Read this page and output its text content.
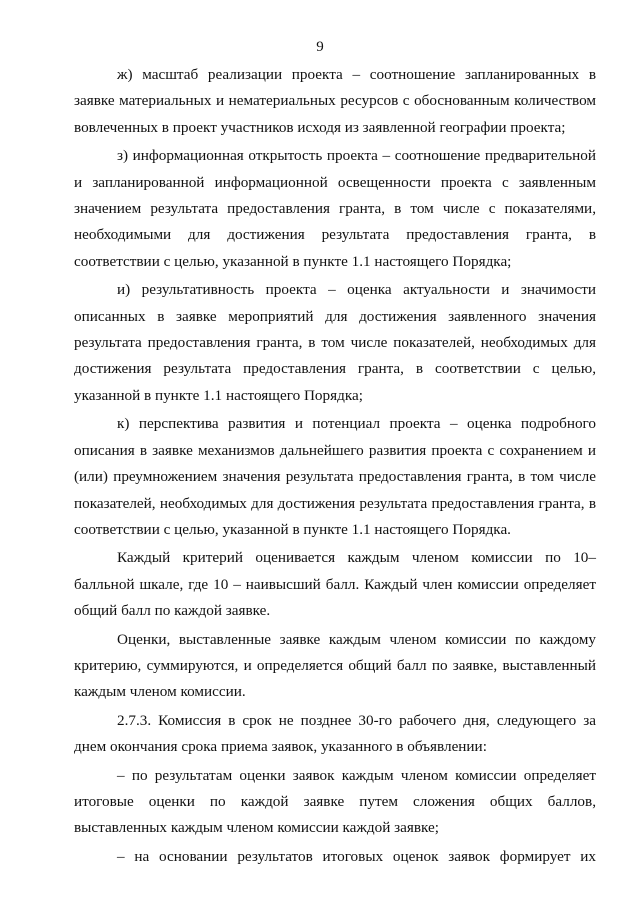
9

ж) масштаб реализации проекта – соотношение запланированных в заявке материальных и нематериальных ресурсов с обоснованным количеством вовлеченных в проект участников исходя из заявленной географии проекта;

з) информационная открытость проекта – соотношение предварительной и запланированной информационной освещенности проекта с заявленным значением результата предоставления гранта, в том числе с показателями, необходимыми для достижения результата предоставления гранта, в соответствии с целью, указанной в пункте 1.1 настоящего Порядка;

и) результативность проекта – оценка актуальности и значимости описанных в заявке мероприятий для достижения заявленного значения результата предоставления гранта, в том числе показателей, необходимых для достижения результата предоставления гранта, в соответствии с целью, указанной в пункте 1.1 настоящего Порядка;

к) перспектива развития и потенциал проекта – оценка подробного описания в заявке механизмов дальнейшего развития проекта с сохранением и (или) преумножением значения результата предоставления гранта, в том числе показателей, необходимых для достижения результата предоставления гранта, в соответствии с целью, указанной в пункте 1.1 настоящего Порядка.

Каждый критерий оценивается каждым членом комиссии по 10–балльной шкале, где 10 – наивысший балл. Каждый член комиссии определяет общий балл по каждой заявке.

Оценки, выставленные заявке каждым членом комиссии по каждому критерию, суммируются, и определяется общий балл по заявке, выставленный каждым членом комиссии.

2.7.3. Комиссия в срок не позднее 30-го рабочего дня, следующего за днем окончания срока приема заявок, указанного в объявлении:

– по результатам оценки заявок каждым членом комиссии определяет итоговые оценки по каждой заявке путем сложения общих баллов, выставленных каждым членом комиссии каждой заявке;

– на основании результатов итоговых оценок заявок формирует их
